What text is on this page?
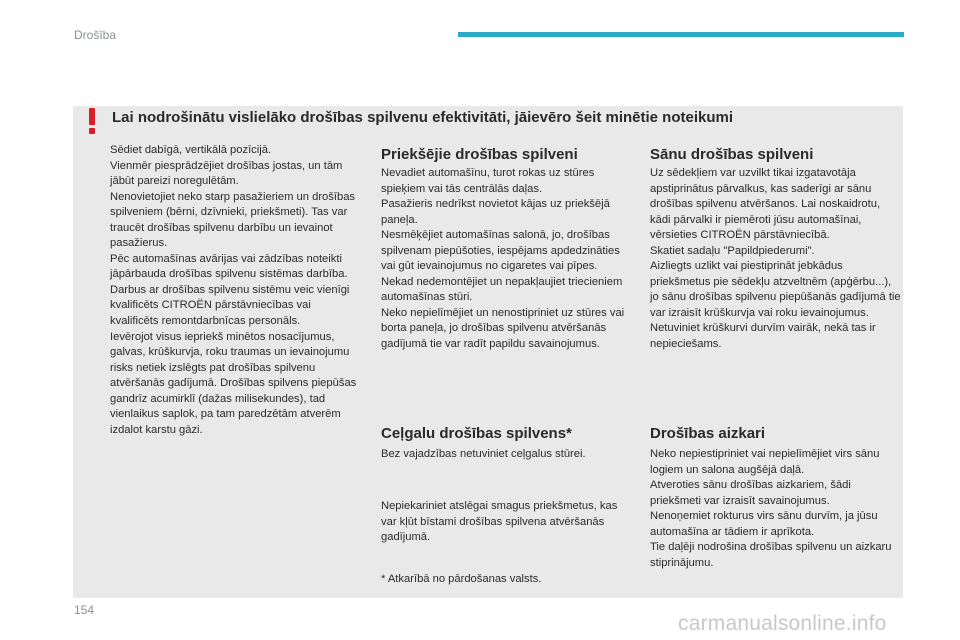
Drošība
Lai nodrošinātu vislielāko drošības spilvenu efektivitāti, jāievēro šeit minētie noteikumi

Sēdiet dabīgā, vertikālā pozīcijā.
Vienmēr piesprādzējiet drošības jostas, un tām jābūt pareizi noregulētām.
Nenovietojiet neko starp pasažieriem un drošības spilveniem (bērni, dzīvnieki, priekšmeti). Tas var traucēt drošības spilvenu darbību un ievainot pasažierus.
Pēc automašīnas avārijas vai zādzības noteikti jāpārbauda drošības spilvenu sistēmas darbība.
Darbus ar drošības spilvenu sistēmu veic vienīgi kvalificēts CITROËN pārstāvniecības vai kvalificēts remontdarbnīcas personāls.
Ievērojot visus iepriekš minētos nosacījumus, galvas, krūškurvja, roku traumas un ievainojumu risks netiek izslēgts pat drošības spilvenu atvēršanās gadījumā. Drošības spilvens piepūšas gandrīz acumirklī (dažas milisekundes), tad vienlaikus saplok, pa tam paredzētām atverēm izdalot karstu gāzi.

Priekšējie drošības spilveni

Nevadiet automašīnu, turot rokas uz stūres spieķiem vai tās centrālās daļas.
Pasažieris nedrīkst novietot kājas uz priekšējā paneļa.
Nesmēķējiet automašīnas salonā, jo, drošības spilvenam piepūšoties, iespējams apdedzināties vai gūt ievainojumus no cigaretes vai pīpes.
Nekad nedemontējiet un nepakļaujiet triecieniem automašīnas stūri.
Neko nepielīmējiet un nenostipriniet uz stūres vai borta paneļa, jo drošības spilvenu atvēršanās gadījumā tie var radīt papildu savainojumus.

Sānu drošības spilveni

Uz sēdekļiem var uzvilkt tikai izgatavotāja apstiprinātus pārvalkus, kas saderīgi ar sānu drošības spilvenu atvēršanos. Lai noskaidrotu, kādi pārvalki ir piemēroti jūsu automašīnai, vērsieties CITROËN pārstāvniecībā.
Skatiet sadaļu "Papildpiederumi".
Aizliegts uzlikt vai piestiprināt jebkādus priekšmetus pie sēdekļu atzveltnēm (apģērbu...), jo sānu drošības spilvenu piepūšanās gadījumā tie var izraisīt krūškurvja vai roku ievainojumus.
Netuviniet krūškurvi durvīm vairāk, nekā tas ir nepieciešams.

Ceļgalu drošības spilvens*
Bez vajadzības netuviniet ceļgalus stūrei.
Nepiekariniet atslēgai smagus priekšmetus, kas var kļūt bīstami drošības spilvena atvēršanās gadījumā.
* Atkarībā no pārdošanas valsts.
Drošības aizkari
Neko nepiestipriniet vai nepielīmējiet virs sānu logiem un salona augšējā daļā.
Atveroties sānu drošības aizkariem, šādi priekšmeti var izraisīt savainojumus.
Nenoņemiet rokturus virs sānu durvīm, ja jūsu automašīna ar tādiem ir aprīkota.
Tie daļēji nodrošina drošības spilvenu un aizkaru stiprinājumu.
154
carmanualsonline.info
